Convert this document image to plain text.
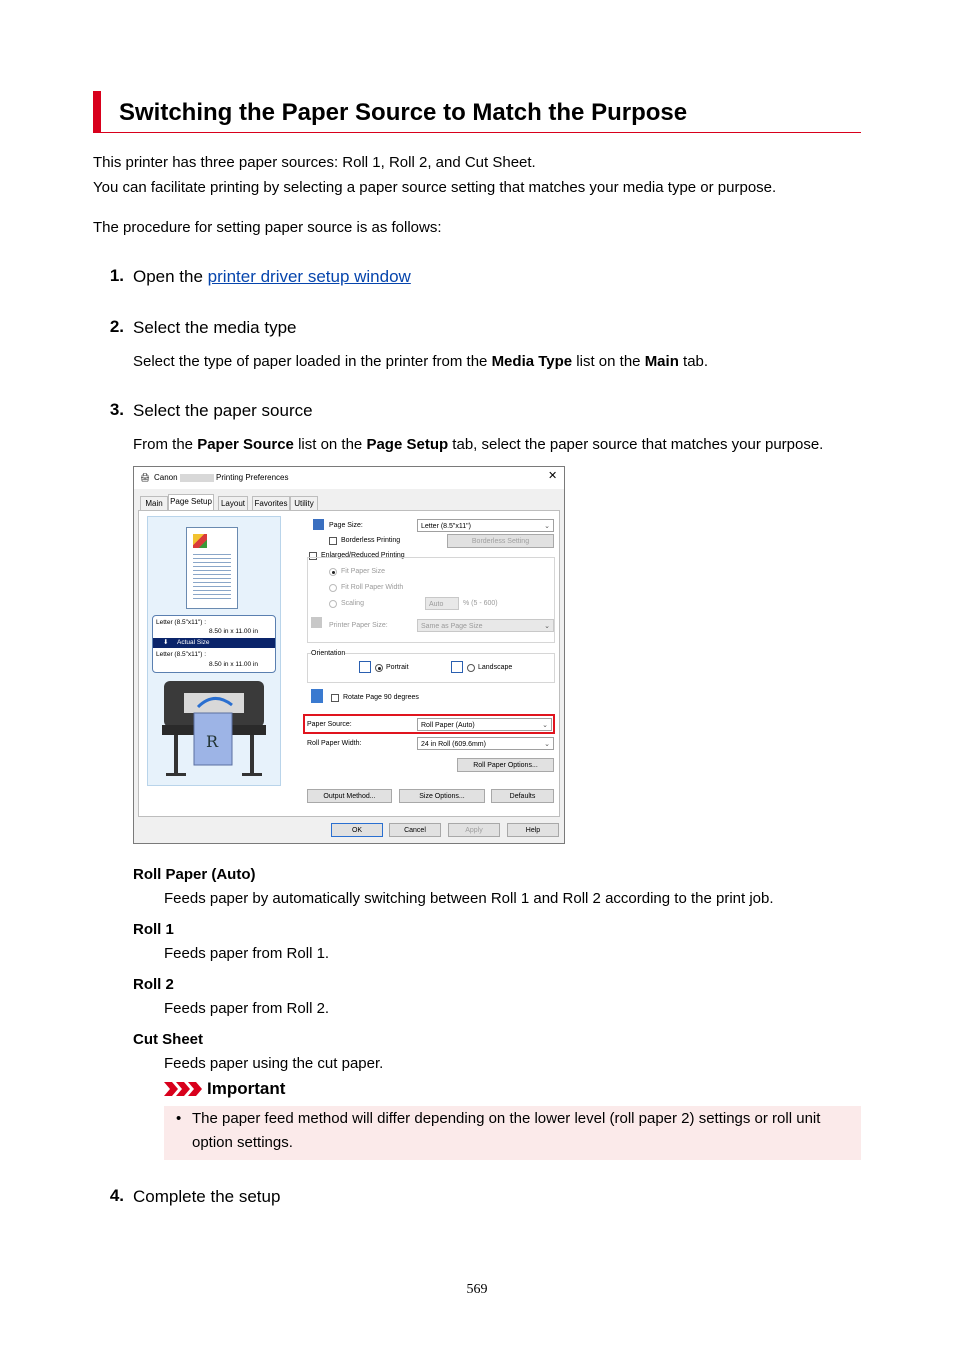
Switching the Paper Source to Match the Purpose
This printer has three paper sources: Roll 1, Roll 2, and Cut Sheet.
You can facilitate printing by selecting a paper source setting that matches your media type or purpose.
The procedure for setting paper source is as follows:
1. Open the printer driver setup window
2. Select the media type
Select the type of paper loaded in the printer from the Media Type list on the Main tab.
3. Select the paper source
From the Paper Source list on the Page Setup tab, select the paper source that matches your purpose.
🖨 Canon	Printing Preferences	✕
Main Page Setup	Layout	Favorites Utility
Letter (8.5"x11") :
8.50 in x 11.00 in
⬇ Actual Size
Letter (8.5"x11") :
8.50 in x 11.00 in
R
Page Size:	Letter (8.5"x11")	⌄
Borderless Printing	Borderless Setting
Enlarged/Reduced Printing
Fit Paper Size
Fit Roll Paper Width
Scaling	Auto	% (5 - 600)
Printer Paper Size:	Same as Page Size	⌄
Orientation
Portrait	Landscape
Rotate Page 90 degrees
Paper Source:	Roll Paper (Auto)	⌄
Roll Paper Width:	24 in Roll (609.6mm)	⌄
Roll Paper Options...
Output Method...	Size Options...	Defaults
OK	Cancel	Apply	Help
Roll Paper (Auto)
Feeds paper by automatically switching between Roll 1 and Roll 2 according to the print job.
Roll 1
Feeds paper from Roll 1.
Roll 2
Feeds paper from Roll 2.
Cut Sheet
Feeds paper using the cut paper.
Important
• The paper feed method will differ depending on the lower level (roll paper 2) settings or roll unit
option settings.
4. Complete the setup
569
